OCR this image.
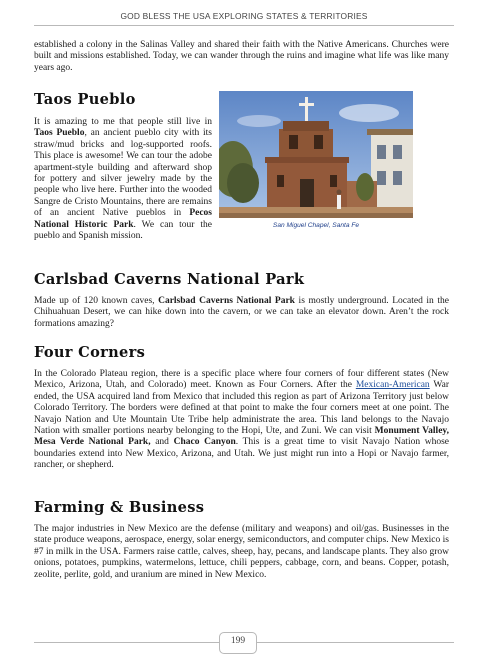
GOD BLESS THE USA EXPLORING STATES & TERRITORIES

established a colony in the Salinas Valley and shared their faith with the Native Americans. Churches were built and missions established. Today, we can wander through the ruins and imagine what life was like many years ago.

Taos Pueblo

It is amazing to me that people still live in Taos Pueblo, an ancient pueblo city with its straw/mud bricks and log-supported roofs. This place is awesome! We can tour the adobe apartment-style building and afterward shop for pottery and silver jewelry made by the people who live here. Further into the wooded Sangre de Cristo Mountains, there are remains of an ancient Native pueblos in Pecos National Historic Park. We can tour the pueblo and Spanish mission.

San Miguel Chapel, Santa Fe
Carlsbad Caverns National Park

Made up of 120 known caves, Carlsbad Caverns National Park is mostly underground. Located in the Chihuahuan Desert, we can hike down into the cavern, or we can take an elevator down. Aren’t the rock formations amazing?

Four Corners

In the Colorado Plateau region, there is a specific place where four corners of four different states (New Mexico, Arizona, Utah, and Colorado) meet. Known as Four Corners. After the Mexican-American War ended, the USA acquired land from Mexico that included this region as part of Arizona Territory just below Colorado Territory. The borders were defined at that point to make the four corners meet at one point. The Navajo Nation and Ute Mountain Ute Tribe help administrate the area. This land belongs to the Navajo Nation with smaller portions nearby belonging to the Hopi, Ute, and Zuni. We can visit Monument Valley, Mesa Verde National Park, and Chaco Canyon. This is a great time to visit Navajo Nation whose boundaries extend into New Mexico, Arizona, and Utah. We just might run into a Hopi or Navajo farmer, rancher, or shepherd.

Farming & Business

The major industries in New Mexico are the defense (military and weapons) and oil/gas. Businesses in the state produce weapons, aerospace, energy, solar energy, semiconductors, and computer chips. New Mexico is #7 in milk in the USA. Farmers raise cattle, calves, sheep, hay, pecans, and landscape plants. They also grow onions, potatoes, pumpkins, watermelons, lettuce, chili peppers, cabbage, corn, and beans. Copper, potash, zeolite, perlite, gold, and uranium are mined in New Mexico.

199
